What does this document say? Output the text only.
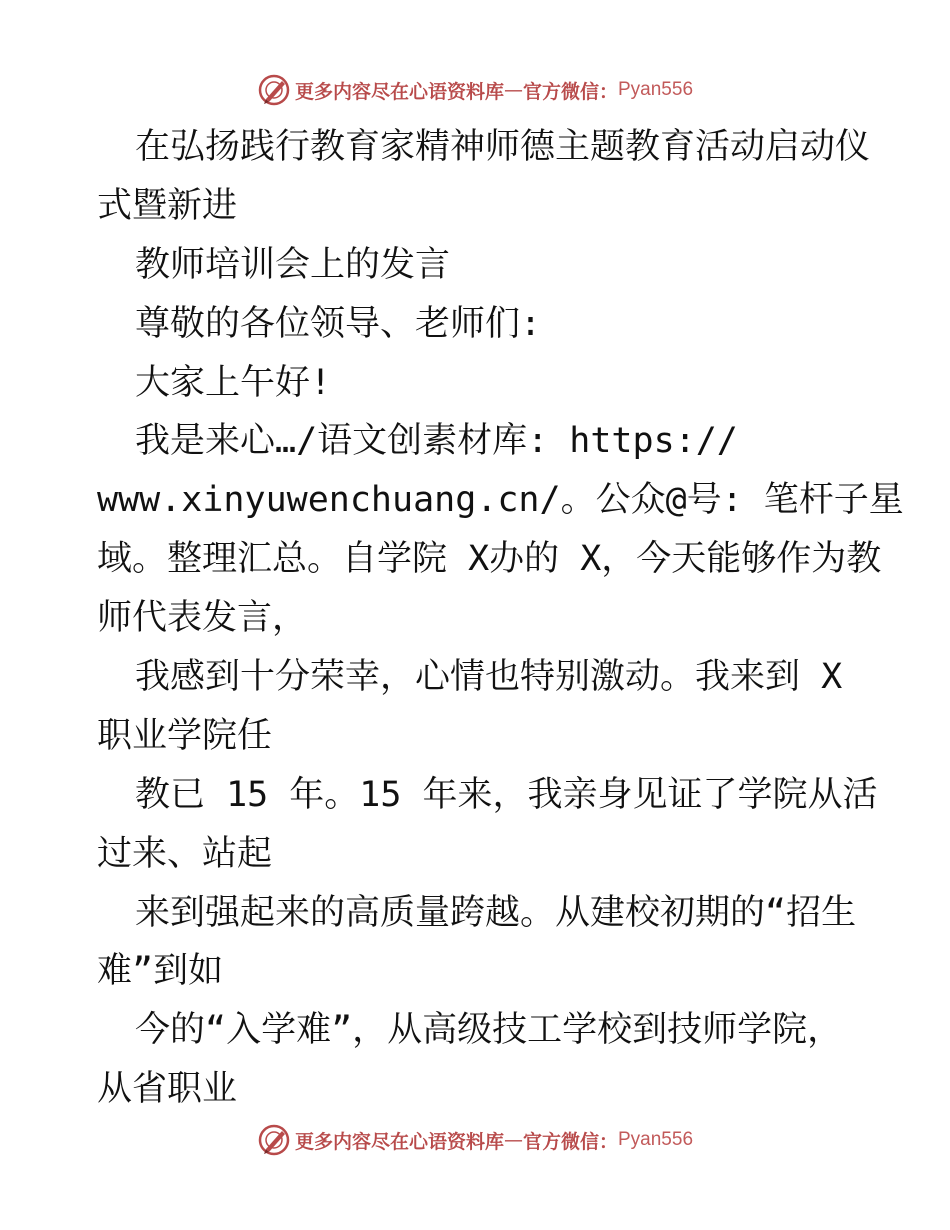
更多内容尽在心语资料库 — 官方微信： Pyan556
在弘扬践行教育家精神师德主题教育活动启动仪
式暨新进
教师培训会上的发言
尊敬的各位领导、老师们:
大家上午好!
我是来心…/语文创素材库: https://
www.xinyuwenchuang.cn/。公众@号: 笔杆子星
域。整理汇总。自学院 X办的 X，今天能够作为教
师代表发言，
我感到十分荣幸，心情也特别激动。我来到 X
职业学院任
教已 15 年。15 年来，我亲身见证了学院从活
过来、站起
来到强起来的高质量跨越。从建校初期的“招生
难”到如
今的“入学难”，从高级技工学校到技师学院，
从省职业
更多内容尽在心语资料库 — 官方微信： Pyan556
